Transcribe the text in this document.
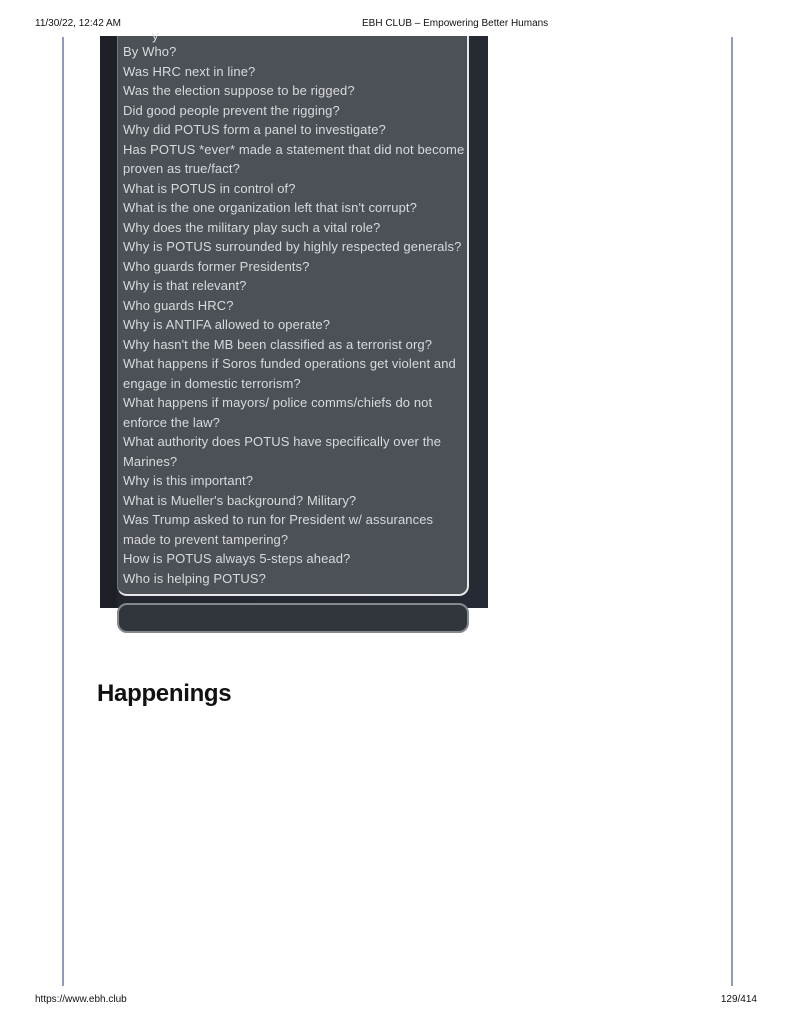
11/30/22, 12:42 AM	EBH CLUB – Empowering Better Humans
y
By Who?
Was HRC next in line?
Was the election suppose to be rigged?
Did good people prevent the rigging?
Why did POTUS form a panel to investigate?
Has POTUS *ever* made a statement that did not become
proven as true/fact?
What is POTUS in control of?
What is the one organization left that isn't corrupt?
Why does the military play such a vital role?
Why is POTUS surrounded by highly respected generals?
Who guards former Presidents?
Why is that relevant?
Who guards HRC?
Why is ANTIFA allowed to operate?
Why hasn't the MB been classified as a terrorist org?
What happens if Soros funded operations get violent and
engage in domestic terrorism?
What happens if mayors/ police comms/chiefs do not
enforce the law?
What authority does POTUS have specifically over the
Marines?
Why is this important?
What is Mueller's background? Military?
Was Trump asked to run for President w/ assurances
made to prevent tampering?
How is POTUS always 5-steps ahead?
Who is helping POTUS?
Happenings
https://www.ebh.club	129/414
